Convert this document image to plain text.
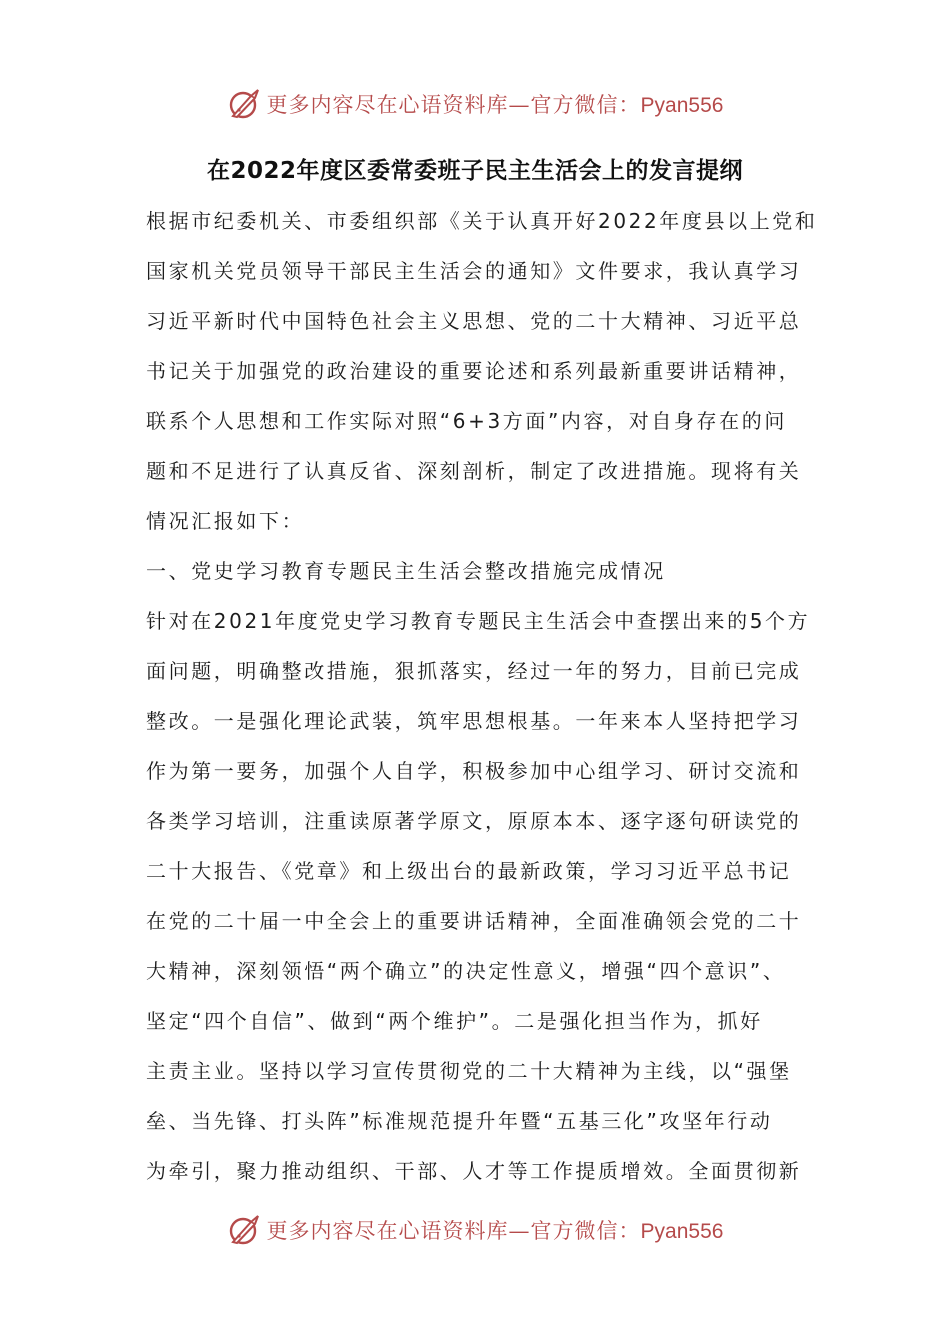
更多内容尽在心语资料库—官方微信：Pyan556
在2022年度区委常委班子民主生活会上的发言提纲
根据市纪委机关、市委组织部《关于认真开好2022年度县以上党和
国家机关党员领导干部民主生活会的通知》文件要求，我认真学习
习近平新时代中国特色社会主义思想、党的二十大精神、习近平总
书记关于加强党的政治建设的重要论述和系列最新重要讲话精神，
联系个人思想和工作实际对照“6+3方面”内容，对自身存在的问
题和不足进行了认真反省、深刻剖析，制定了改进措施。现将有关
情况汇报如下：
一、党史学习教育专题民主生活会整改措施完成情况
针对在2021年度党史学习教育专题民主生活会中查摆出来的5个方
面问题，明确整改措施，狠抓落实，经过一年的努力，目前已完成
整改。一是强化理论武装，筑牢思想根基。一年来本人坚持把学习
作为第一要务，加强个人自学，积极参加中心组学习、研讨交流和
各类学习培训，注重读原著学原文，原原本本、逐字逐句研读党的
二十大报告、《党章》和上级出台的最新政策，学习习近平总书记
在党的二十届一中全会上的重要讲话精神，全面准确领会党的二十
大精神，深刻领悟“两个确立”的决定性意义，增强“四个意识”、
坚定“四个自信”、做到“两个维护”。二是强化担当作为，抓好
主责主业。坚持以学习宣传贯彻党的二十大精神为主线，以“强堡
垒、当先锋、打头阵”标准规范提升年暨“五基三化”攻坚年行动
为牵引，聚力推动组织、干部、人才等工作提质增效。全面贯彻新
更多内容尽在心语资料库—官方微信：Pyan556
